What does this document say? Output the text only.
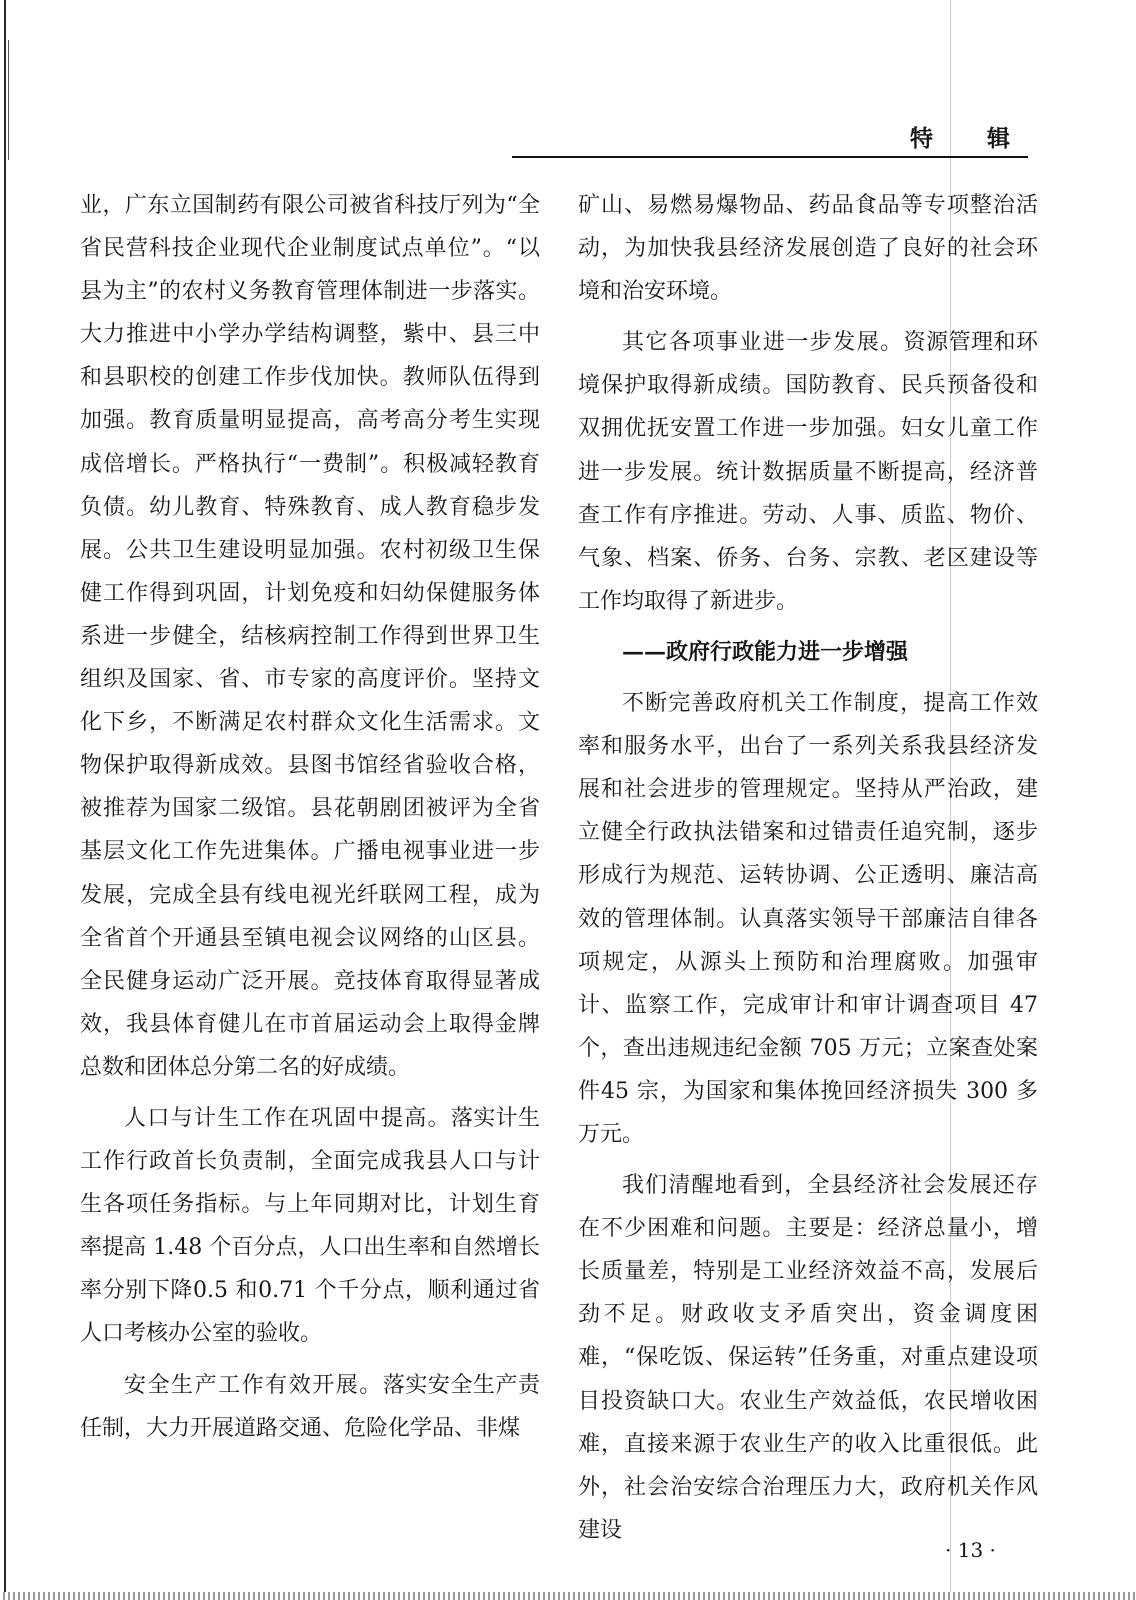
特 辑

业，广东立国制药有限公司被省科技厅列为“全省民营科技企业现代企业制度试点单位”。“以县为主”的农村义务教育管理体制进一步落实。大力推进中小学办学结构调整，紫中、县三中和县职校的创建工作步伐加快。教师队伍得到加强。教育质量明显提高，高考高分考生实现成倍增长。严格执行“一费制”。积极减轻教育负债。幼儿教育、特殊教育、成人教育稳步发展。公共卫生建设明显加强。农村初级卫生保健工作得到巩固，计划免疫和妇幼保健服务体系进一步健全，结核病控制工作得到世界卫生组织及国家、省、市专家的高度评价。坚持文化下乡，不断满足农村群众文化生活需求。文物保护取得新成效。县图书馆经省验收合格，被推荐为国家二级馆。县花朝剧团被评为全省基层文化工作先进集体。广播电视事业进一步发展，完成全县有线电视光纤联网工程，成为全省首个开通县至镇电视会议网络的山区县。全民健身运动广泛开展。竞技体育取得显著成效，我县体育健儿在市首届运动会上取得金牌总数和团体总分第二名的好成绩。

人口与计生工作在巩固中提高。落实计生工作行政首长负责制，全面完成我县人口与计生各项任务指标。与上年同期对比，计划生育率提高 1.48 个百分点，人口出生率和自然增长率分别下降0.5 和0.71 个千分点，顺利通过省人口考核办公室的验收。

安全生产工作有效开展。落实安全生产责任制，大力开展道路交通、危险化学品、非煤

矿山、易燃易爆物品、药品食品等专项整治活动，为加快我县经济发展创造了良好的社会环境和治安环境。

其它各项事业进一步发展。资源管理和环境保护取得新成绩。国防教育、民兵预备役和双拥优抚安置工作进一步加强。妇女儿童工作进一步发展。统计数据质量不断提高，经济普查工作有序推进。劳动、人事、质监、物价、气象、档案、侨务、台务、宗教、老区建设等工作均取得了新进步。

——政府行政能力进一步增强

不断完善政府机关工作制度，提高工作效率和服务水平，出台了一系列关系我县经济发展和社会进步的管理规定。坚持从严治政，建立健全行政执法错案和过错责任追究制，逐步形成行为规范、运转协调、公正透明、廉洁高效的管理体制。认真落实领导干部廉洁自律各项规定，从源头上预防和治理腐败。加强审计、监察工作，完成审计和审计调查项目 47 个，查出违规违纪金额 705 万元；立案查处案件45 宗，为国家和集体挽回经济损失 300 多万元。

我们清醒地看到，全县经济社会发展还存在不少困难和问题。主要是：经济总量小，增长质量差，特别是工业经济效益不高，发展后劲不足。财政收支矛盾突出，资金调度困难，“保吃饭、保运转”任务重，对重点建设项目投资缺口大。农业生产效益低，农民增收困难，直接来源于农业生产的收入比重很低。此外，社会治安综合治理压力大，政府机关作风建设

· 13 ·
